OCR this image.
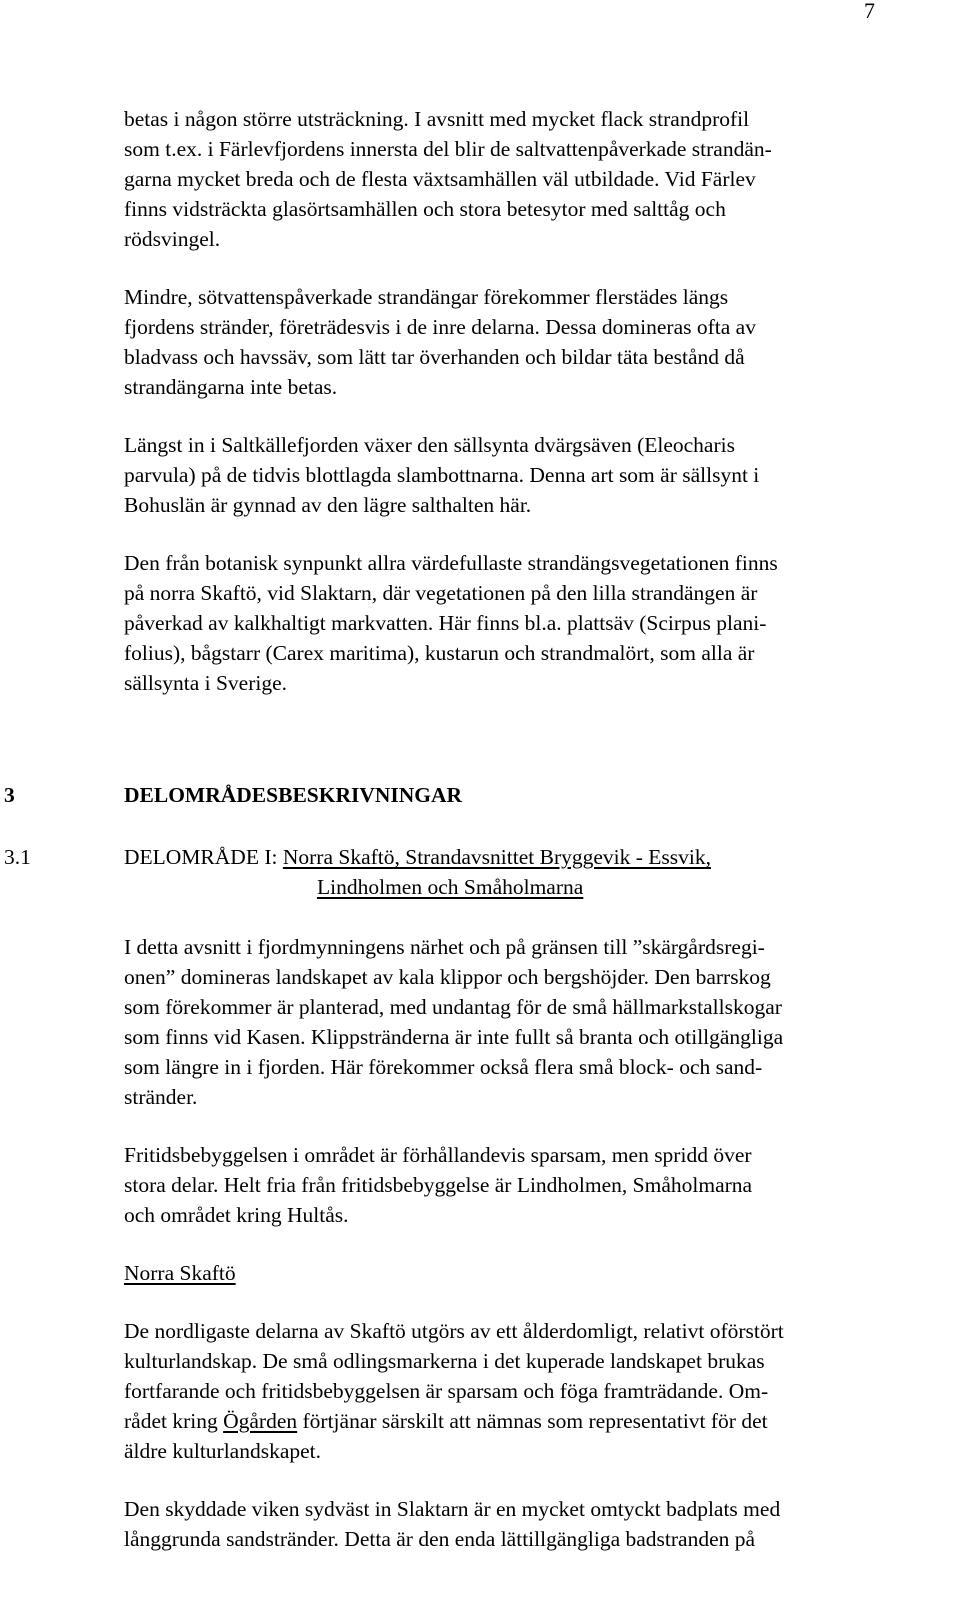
7
betas i någon större utsträckning. I avsnitt med mycket flack strandprofil
som t.ex. i Färlevfjordens innersta del blir de saltvattenpåverkade strandän-
garna mycket breda och de flesta växtsamhällen väl utbildade. Vid Färlev
finns vidsträckta glasörtsamhällen och stora betesytor med salttåg och
rödsvingel.
Mindre, sötvattenspåverkade strandängar förekommer flerstädes längs
fjordens stränder, företrädesvis i de inre delarna. Dessa domineras ofta av
bladvass och havssäv, som lätt tar överhanden och bildar täta bestånd då
strandängarna inte betas.
Längst in i Saltkällefjorden växer den sällsynta dvärgsäven (Eleocharis
parvula) på de tidvis blottlagda slambottnarna. Denna art som är sällsynt i
Bohuslän är gynnad av den lägre salthalten här.
Den från botanisk synpunkt allra värdefullaste strandängsvegetationen finns
på norra Skaftö, vid Slaktarn, där vegetationen på den lilla strandängen är
påverkad av kalkhaltigt markvatten. Här finns bl.a. plattsäv (Scirpus plani-
folius), bågstarr (Carex maritima), kustarun och strandmalört, som alla är
sällsynta i Sverige.
3	DELOMRÅDESBESKRIVNINGAR
3.1	DELOMRÅDE I: Norra Skaftö, Strandavsnittet Bryggevik - Essvik,
Lindholmen och Småholmarna
I detta avsnitt i fjordmynningens närhet och på gränsen till ”skärgårdsregi-
onen” domineras landskapet av kala klippor och bergshöjder. Den barrskog
som förekommer är planterad, med undantag för de små hällmarkstallskogar
som finns vid Kasen. Klippstränderna är inte fullt så branta och otillgängliga
som längre in i fjorden. Här förekommer också flera små block- och sand-
stränder.
Fritidsbebyggelsen i området är förhållandevis sparsam, men spridd över
stora delar. Helt fria från fritidsbebyggelse är Lindholmen, Småholmarna
och området kring Hultås.
Norra Skaftö
De nordligaste delarna av Skaftö utgörs av ett ålderdomligt, relativt oförstört
kulturlandskap. De små odlingsmarkerna i det kuperade landskapet brukas
fortfarande och fritidsbebyggelsen är sparsam och föga framträdande. Om-
rådet kring Ögården förtjänar särskilt att nämnas som representativt för det
äldre kulturlandskapet.
Den skyddade viken sydväst in Slaktarn är en mycket omtyckt badplats med
långgrunda sandstränder. Detta är den enda lättillgängliga badstranden på
